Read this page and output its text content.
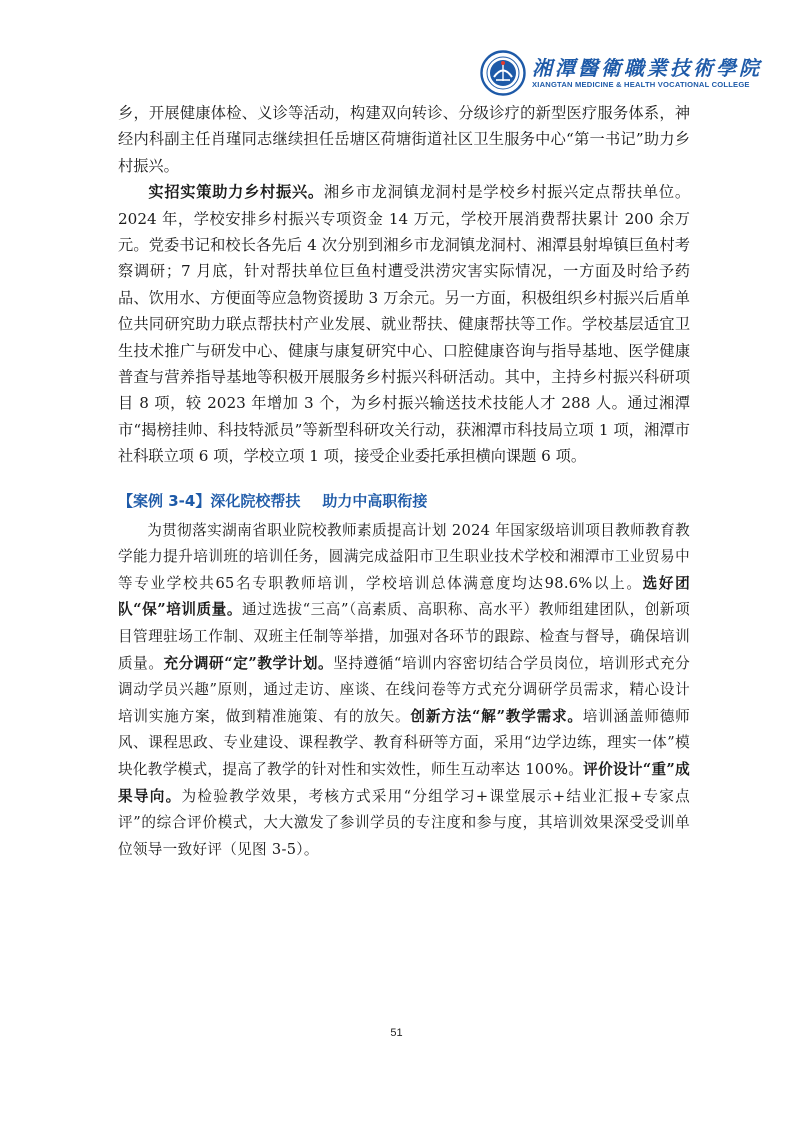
湘潭醫衛職業技術學院
XIANGTAN MEDICINE & HEALTH VOCATIONAL COLLEGE

乡，开展健康体检、义诊等活动，构建双向转诊、分级诊疗的新型医疗服务体系，神经内科副主任肖瑾同志继续担任岳塘区荷塘街道社区卫生服务中心“第一书记”助力乡村振兴。

实招实策助力乡村振兴。湘乡市龙洞镇龙洞村是学校乡村振兴定点帮扶单位。2024 年，学校安排乡村振兴专项资金 14 万元，学校开展消费帮扶累计 200 余万元。党委书记和校长各先后 4 次分别到湘乡市龙洞镇龙洞村、湘潭县射埠镇巨鱼村考察调研；7 月底，针对帮扶单位巨鱼村遭受洪涝灾害实际情况，一方面及时给予药品、饮用水、方便面等应急物资援助 3 万余元。另一方面，积极组织乡村振兴后盾单位共同研究助力联点帮扶村产业发展、就业帮扶、健康帮扶等工作。学校基层适宜卫生技术推广与研发中心、健康与康复研究中心、口腔健康咨询与指导基地、医学健康普查与营养指导基地等积极开展服务乡村振兴科研活动。其中，主持乡村振兴科研项目 8 项，较 2023 年增加 3 个，为乡村振兴输送技术技能人才 288 人。通过湘潭市“揭榜挂帅、科技特派员”等新型科研攻关行动，获湘潭市科技局立项 1 项，湘潭市社科联立项 6 项，学校立项 1 项，接受企业委托承担横向课题 6 项。

【案例 3-4】深化院校帮扶 助力中高职衔接

为贯彻落实湖南省职业院校教师素质提高计划 2024 年国家级培训项目教师教育教学能力提升培训班的培训任务，圆满完成益阳市卫生职业技术学校和湘潭市工业贸易中等专业学校共65名专职教师培训，学校培训总体满意度均达98.6%以上。选好团队“保”培训质量。通过选拔“三高”（高素质、高职称、高水平）教师组建团队，创新项目管理驻场工作制、双班主任制等举措，加强对各环节的跟踪、检查与督导，确保培训质量。充分调研“定”教学计划。坚持遵循“培训内容密切结合学员岗位，培训形式充分调动学员兴趣”原则，通过走访、座谈、在线问卷等方式充分调研学员需求，精心设计培训实施方案，做到精准施策、有的放矢。创新方法“解”教学需求。培训涵盖师德师风、课程思政、专业建设、课程教学、教育科研等方面，采用“边学边练，理实一体”模块化教学模式，提高了教学的针对性和实效性，师生互动率达 100%。评价设计“重”成果导向。为检验教学效果，考核方式采用“分组学习+课堂展示+结业汇报+专家点评”的综合评价模式，大大激发了参训学员的专注度和参与度，其培训效果深受受训单位领导一致好评（见图 3-5）。

51
